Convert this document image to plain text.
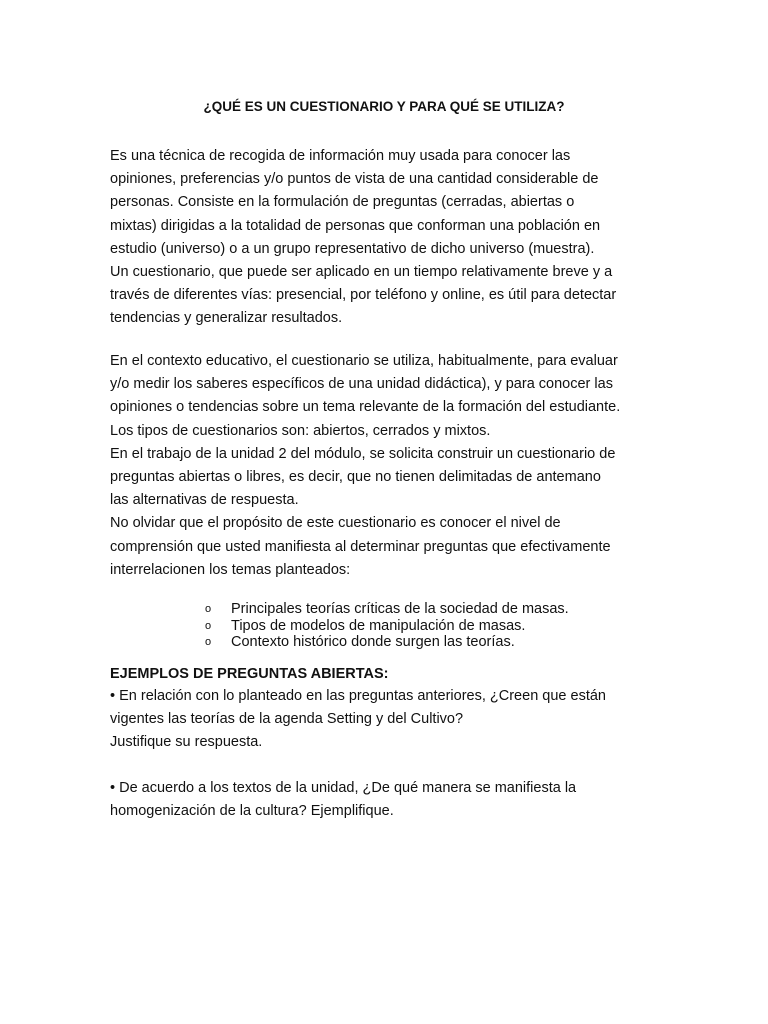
¿QUÉ ES UN CUESTIONARIO Y PARA QUÉ SE UTILIZA?
Es una técnica de recogida de información muy usada para conocer las
opiniones, preferencias y/o puntos de vista de una cantidad considerable de
personas. Consiste en la formulación de preguntas (cerradas, abiertas o
mixtas) dirigidas a la totalidad de personas que conforman una población en
estudio (universo) o a un grupo representativo de dicho universo (muestra).
Un cuestionario, que puede ser aplicado en un tiempo relativamente breve y a
través de diferentes vías: presencial, por teléfono y online, es útil para detectar
tendencias y generalizar resultados.
En el contexto educativo, el cuestionario se utiliza, habitualmente, para evaluar
y/o medir los saberes específicos de una unidad didáctica), y para conocer las
opiniones o tendencias sobre un tema relevante de la formación del estudiante.
Los tipos de cuestionarios son: abiertos, cerrados y mixtos.
En el trabajo de la unidad 2 del módulo, se solicita construir un cuestionario de
preguntas abiertas o libres, es decir, que no tienen delimitadas de antemano
las alternativas de respuesta.
No olvidar que el propósito de este cuestionario es conocer el nivel de
comprensión que usted manifiesta al determinar preguntas que efectivamente
interrelacionen los temas planteados:
o Principales teorías críticas de la sociedad de masas.
o Tipos de modelos de manipulación de masas.
o Contexto histórico donde surgen las teorías.
EJEMPLOS DE PREGUNTAS ABIERTAS:
• En relación con lo planteado en las preguntas anteriores, ¿Creen que están
vigentes las teorías de la agenda Setting y del Cultivo?
Justifique su respuesta.
• De acuerdo a los textos de la unidad, ¿De qué manera se manifiesta la
homogenización de la cultura? Ejemplifique.
